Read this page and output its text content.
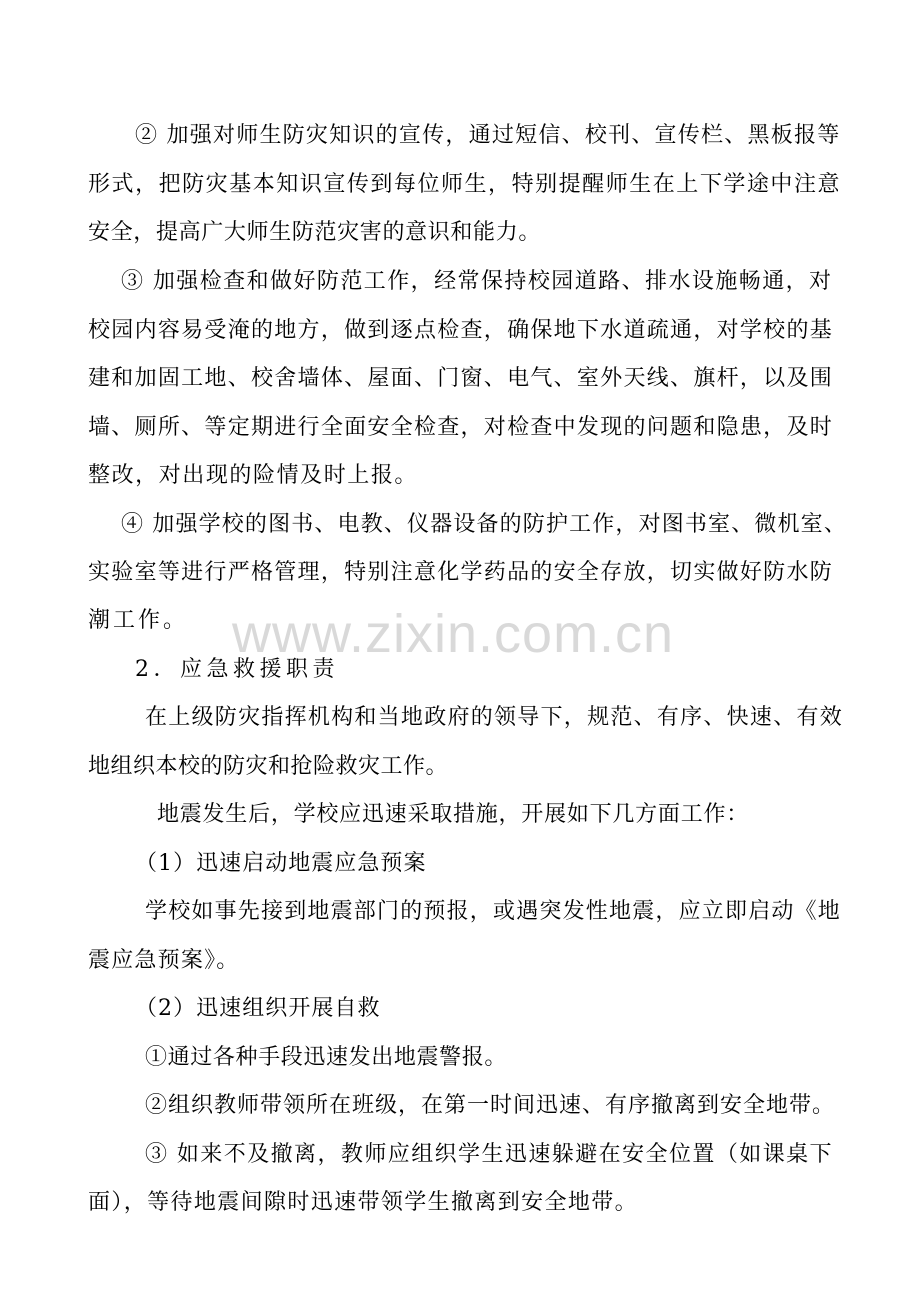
② 加强对师生防灾知识的宣传，通过短信、校刊、宣传栏、黑板报等
形式，把防灾基本知识宣传到每位师生，特别提醒师生在上下学途中注意
安全，提高广大师生防范灾害的意识和能力。
③ 加强检查和做好防范工作，经常保持校园道路、排水设施畅通，对
校园内容易受淹的地方，做到逐点检查，确保地下水道疏通，对学校的基
建和加固工地、校舍墙体、屋面、门窗、电气、室外天线、旗杆，以及围
墙、厕所、等定期进行全面安全检查，对检查中发现的问题和隐患，及时
整改，对出现的险情及时上报。
④ 加强学校的图书、电教、仪器设备的防护工作，对图书室、微机室、
实验室等进行严格管理，特别注意化学药品的安全存放，切实做好防水防
www.zixin.com.cn
潮工作。
2．应急救援职责
在上级防灾指挥机构和当地政府的领导下，规范、有序、快速、有效
地组织本校的防灾和抢险救灾工作。
地震发生后，学校应迅速采取措施，开展如下几方面工作：
（1）迅速启动地震应急预案
学校如事先接到地震部门的预报，或遇突发性地震，应立即启动《地
震应急预案》。
（2）迅速组织开展自救
①通过各种手段迅速发出地震警报。
②组织教师带领所在班级，在第一时间迅速、有序撤离到安全地带。
③ 如来不及撤离，教师应组织学生迅速躲避在安全位置（如课桌下
面），等待地震间隙时迅速带领学生撤离到安全地带。
